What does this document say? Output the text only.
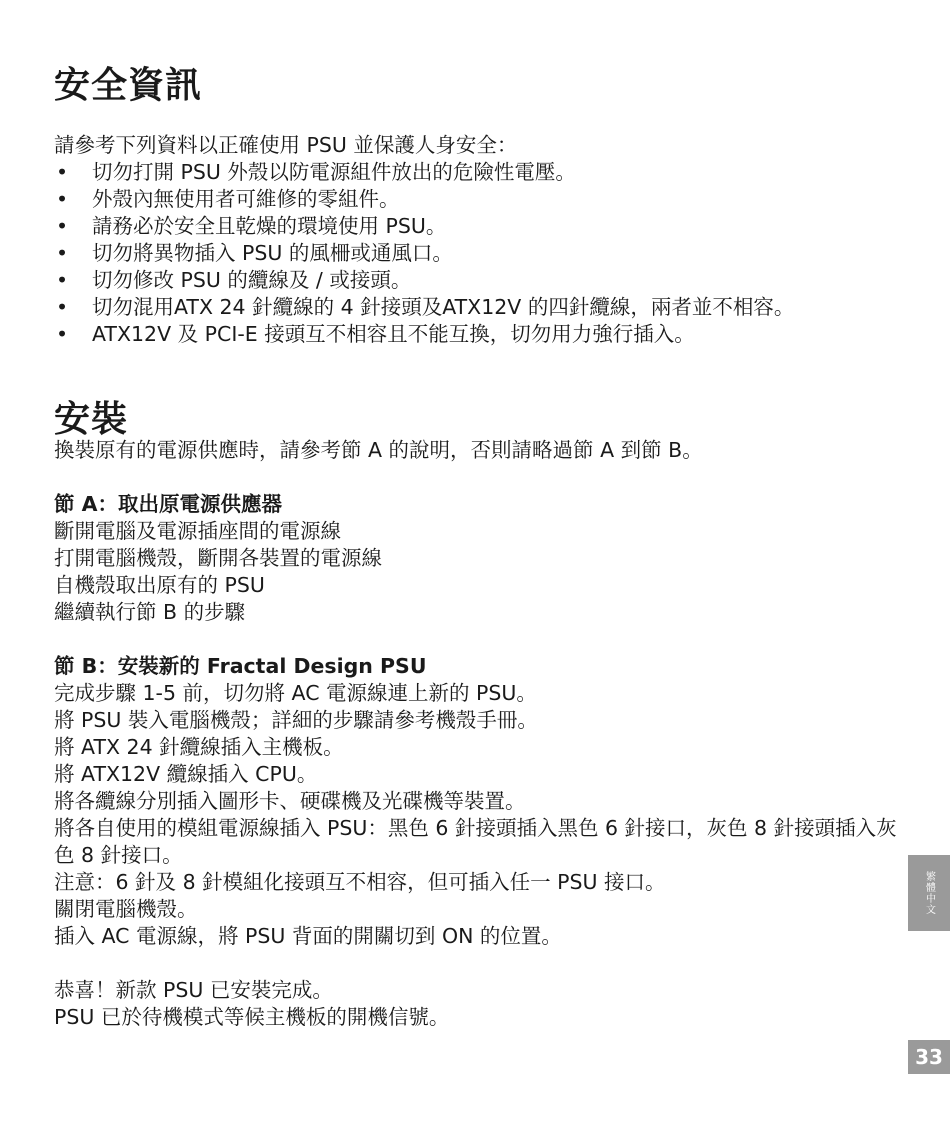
安全資訊
請參考下列資料以正確使用 PSU 並保護人身安全：
• 切勿打開 PSU 外殼以防電源組件放出的危險性電壓。
• 外殼內無使用者可維修的零組件。
• 請務必於安全且乾燥的環境使用 PSU。
• 切勿將異物插入 PSU 的風柵或通風口。
• 切勿修改 PSU 的纜線及 / 或接頭。
• 切勿混用ATX 24 針纜線的 4 針接頭及ATX12V 的四針纜線，兩者並不相容。
• ATX12V 及 PCI-E 接頭互不相容且不能互換，切勿用力強行插入。
安裝
換裝原有的電源供應時，請參考節 A 的說明，否則請略過節 A 到節 B。
節 A：取出原電源供應器
斷開電腦及電源插座間的電源線
打開電腦機殼，斷開各裝置的電源線
自機殼取出原有的 PSU
繼續執行節 B 的步驟
節 B：安裝新的 Fractal Design PSU
完成步驟 1-5 前，切勿將 AC 電源線連上新的 PSU。
將 PSU 裝入電腦機殼；詳細的步驟請參考機殼手冊。
將 ATX 24 針纜線插入主機板。
將 ATX12V 纜線插入 CPU。
將各纜線分別插入圖形卡、硬碟機及光碟機等裝置。
將各自使用的模組電源線插入 PSU：黑色 6 針接頭插入黑色 6 針接口，灰色 8 針接頭插入灰色 8 針接口。
注意：6 針及 8 針模組化接頭互不相容，但可插入任一 PSU 接口。
關閉電腦機殼。
插入 AC 電源線，將 PSU 背面的開關切到 ON 的位置。
恭喜！新款 PSU 已安裝完成。
PSU 已於待機模式等候主機板的開機信號。
繁體中文
33
